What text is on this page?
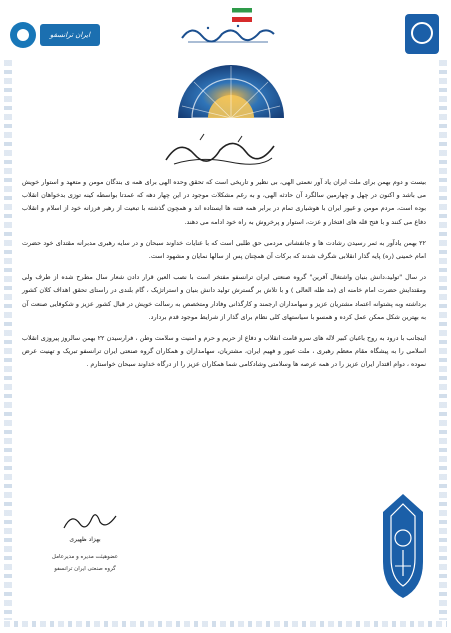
ایران ترانسفو

بیست و دوم بهمن برای ملت ایران یاد آور نعمتی الهی، بی نظیر و تاریخی است که تحقق وحده الهی برای همه ی بندگان مومن و متعهد و استوار خویش می باشد و اکنون در چهل و چهارمین سالگرد آن حادثه الهی، و به رغم مشکلات موجود در این چهار دهه که عمدتا بواسطه کینه توزی بدخواهان انقلاب بوده است، مردم مومن و غیور ایران با هوشیاری تمام در برابر همه فتنه ها ایستاده اند و همچون گذشته با تبعیت از رهبر فرزانه خود از اسلام و انقلاب دفاع می کنند و با فتح قله های افتخار و عزت، استوار و پرخروش به راه خود ادامه می دهند.

۲۲ بهمن یادآور به ثمر رسیدن رشادت ها و جانفشانی مردمی حق طلبی است که با عنایات خداوند سبحان و در سایه رهبری مدبرانه مقتدای خود حضرت امام خمینی (ره) پایه گذار انقلابی شگرف شدند که برکات آن همچنان پس از سالها نمایان و مشهود است.

در سال "تولید،دانش بنیان واشتغال آفرین" گروه صنعتی ایران ترانسفو مفتخر است با نصب العین قرار دادن شعار سال مطرح شده از طرف ولی ومقتدایش حضرت امام خامنه ای (مد ظله العالی ) و با تلاش بر گسترش تولید دانش بنیان و استراتژیک ، گام بلندی در راستای تحقق اهداف کلان کشور برداشته وبه پشتوانه اعتماد مشتریان عزیز و سهامداران ارجمند و کارگذانی وفادار ومتخصص به رسالت خویش در قبال کشور عزیز و شکوفایی صنعت آن به بهترین شکل ممکن عمل کرده و همسو با سیاستهای کلی نظام برای گذار از شرایط موجود قدم بردارد.

اینجانب با درود به روح باغبان کبیر لاله های سرو قامت انقلاب و دفاع از حریم و حرم و امنیت و سلامت وطن ، فرارسیدن ۲۲ بهمن سالروز پیروزی انقلاب اسلامی را به پیشگاه مقام معظم رهبری ، ملت غیور و فهیم ایران، مشتریان، سهامداران و همکاران گروه صنعتی ایران ترانسفو تبریک و تهنیت عرض نموده ، دوام اقتدار ایران عزیز را در همه عرصه ها وسلامتی وشادکامی شما همکاران عزیز را از درگاه خداوند سبحان خواستارم .

بهزاد ظهیری
عضوهیئت مدیره و مدیرعامل
گروه صنعتی ایران ترانسفو
